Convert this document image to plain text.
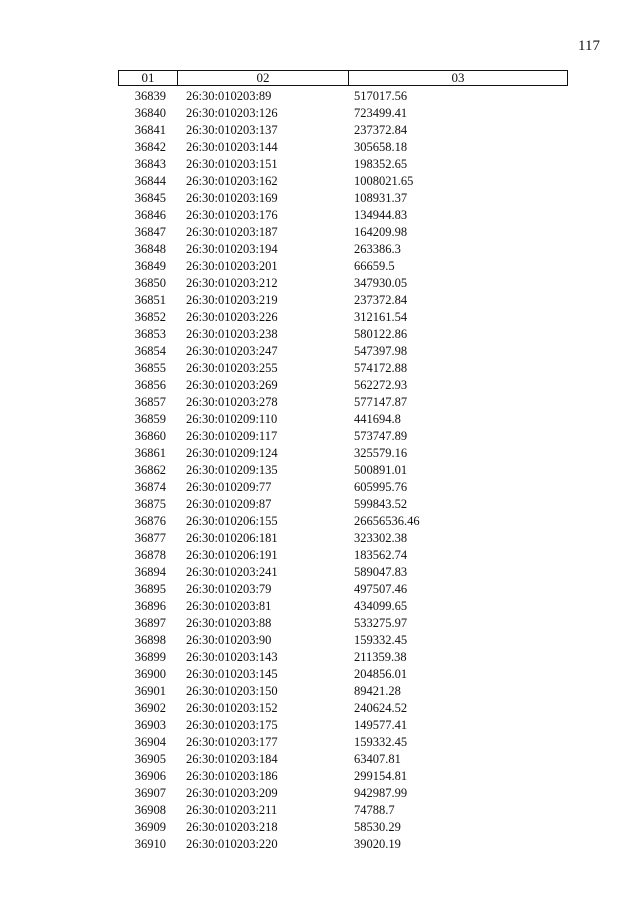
117
01	02	03
36839 26:30:010203:89	517017.56
36840 26:30:010203:126	723499.41
36841 26:30:010203:137	237372.84
36842 26:30:010203:144	305658.18
36843 26:30:010203:151	198352.65
36844 26:30:010203:162	1008021.65
36845 26:30:010203:169	108931.37
36846 26:30:010203:176	134944.83
36847 26:30:010203:187	164209.98
36848 26:30:010203:194	263386.3
36849 26:30:010203:201	66659.5
36850 26:30:010203:212	347930.05
36851 26:30:010203:219	237372.84
36852 26:30:010203:226	312161.54
36853 26:30:010203:238	580122.86
36854 26:30:010203:247	547397.98
36855 26:30:010203:255	574172.88
36856 26:30:010203:269	562272.93
36857 26:30:010203:278	577147.87
36859 26:30:010209:110	441694.8
36860 26:30:010209:117	573747.89
36861 26:30:010209:124	325579.16
36862 26:30:010209:135	500891.01
36874 26:30:010209:77	605995.76
36875 26:30:010209:87	599843.52
36876 26:30:010206:155	26656536.46
36877 26:30:010206:181	323302.38
36878 26:30:010206:191	183562.74
36894 26:30:010203:241	589047.83
36895 26:30:010203:79	497507.46
36896 26:30:010203:81	434099.65
36897 26:30:010203:88	533275.97
36898 26:30:010203:90	159332.45
36899 26:30:010203:143	211359.38
36900 26:30:010203:145	204856.01
36901 26:30:010203:150	89421.28
36902 26:30:010203:152	240624.52
36903 26:30:010203:175	149577.41
36904 26:30:010203:177	159332.45
36905 26:30:010203:184	63407.81
36906 26:30:010203:186	299154.81
36907 26:30:010203:209	942987.99
36908 26:30:010203:211	74788.7
36909 26:30:010203:218	58530.29
36910 26:30:010203:220	39020.19
